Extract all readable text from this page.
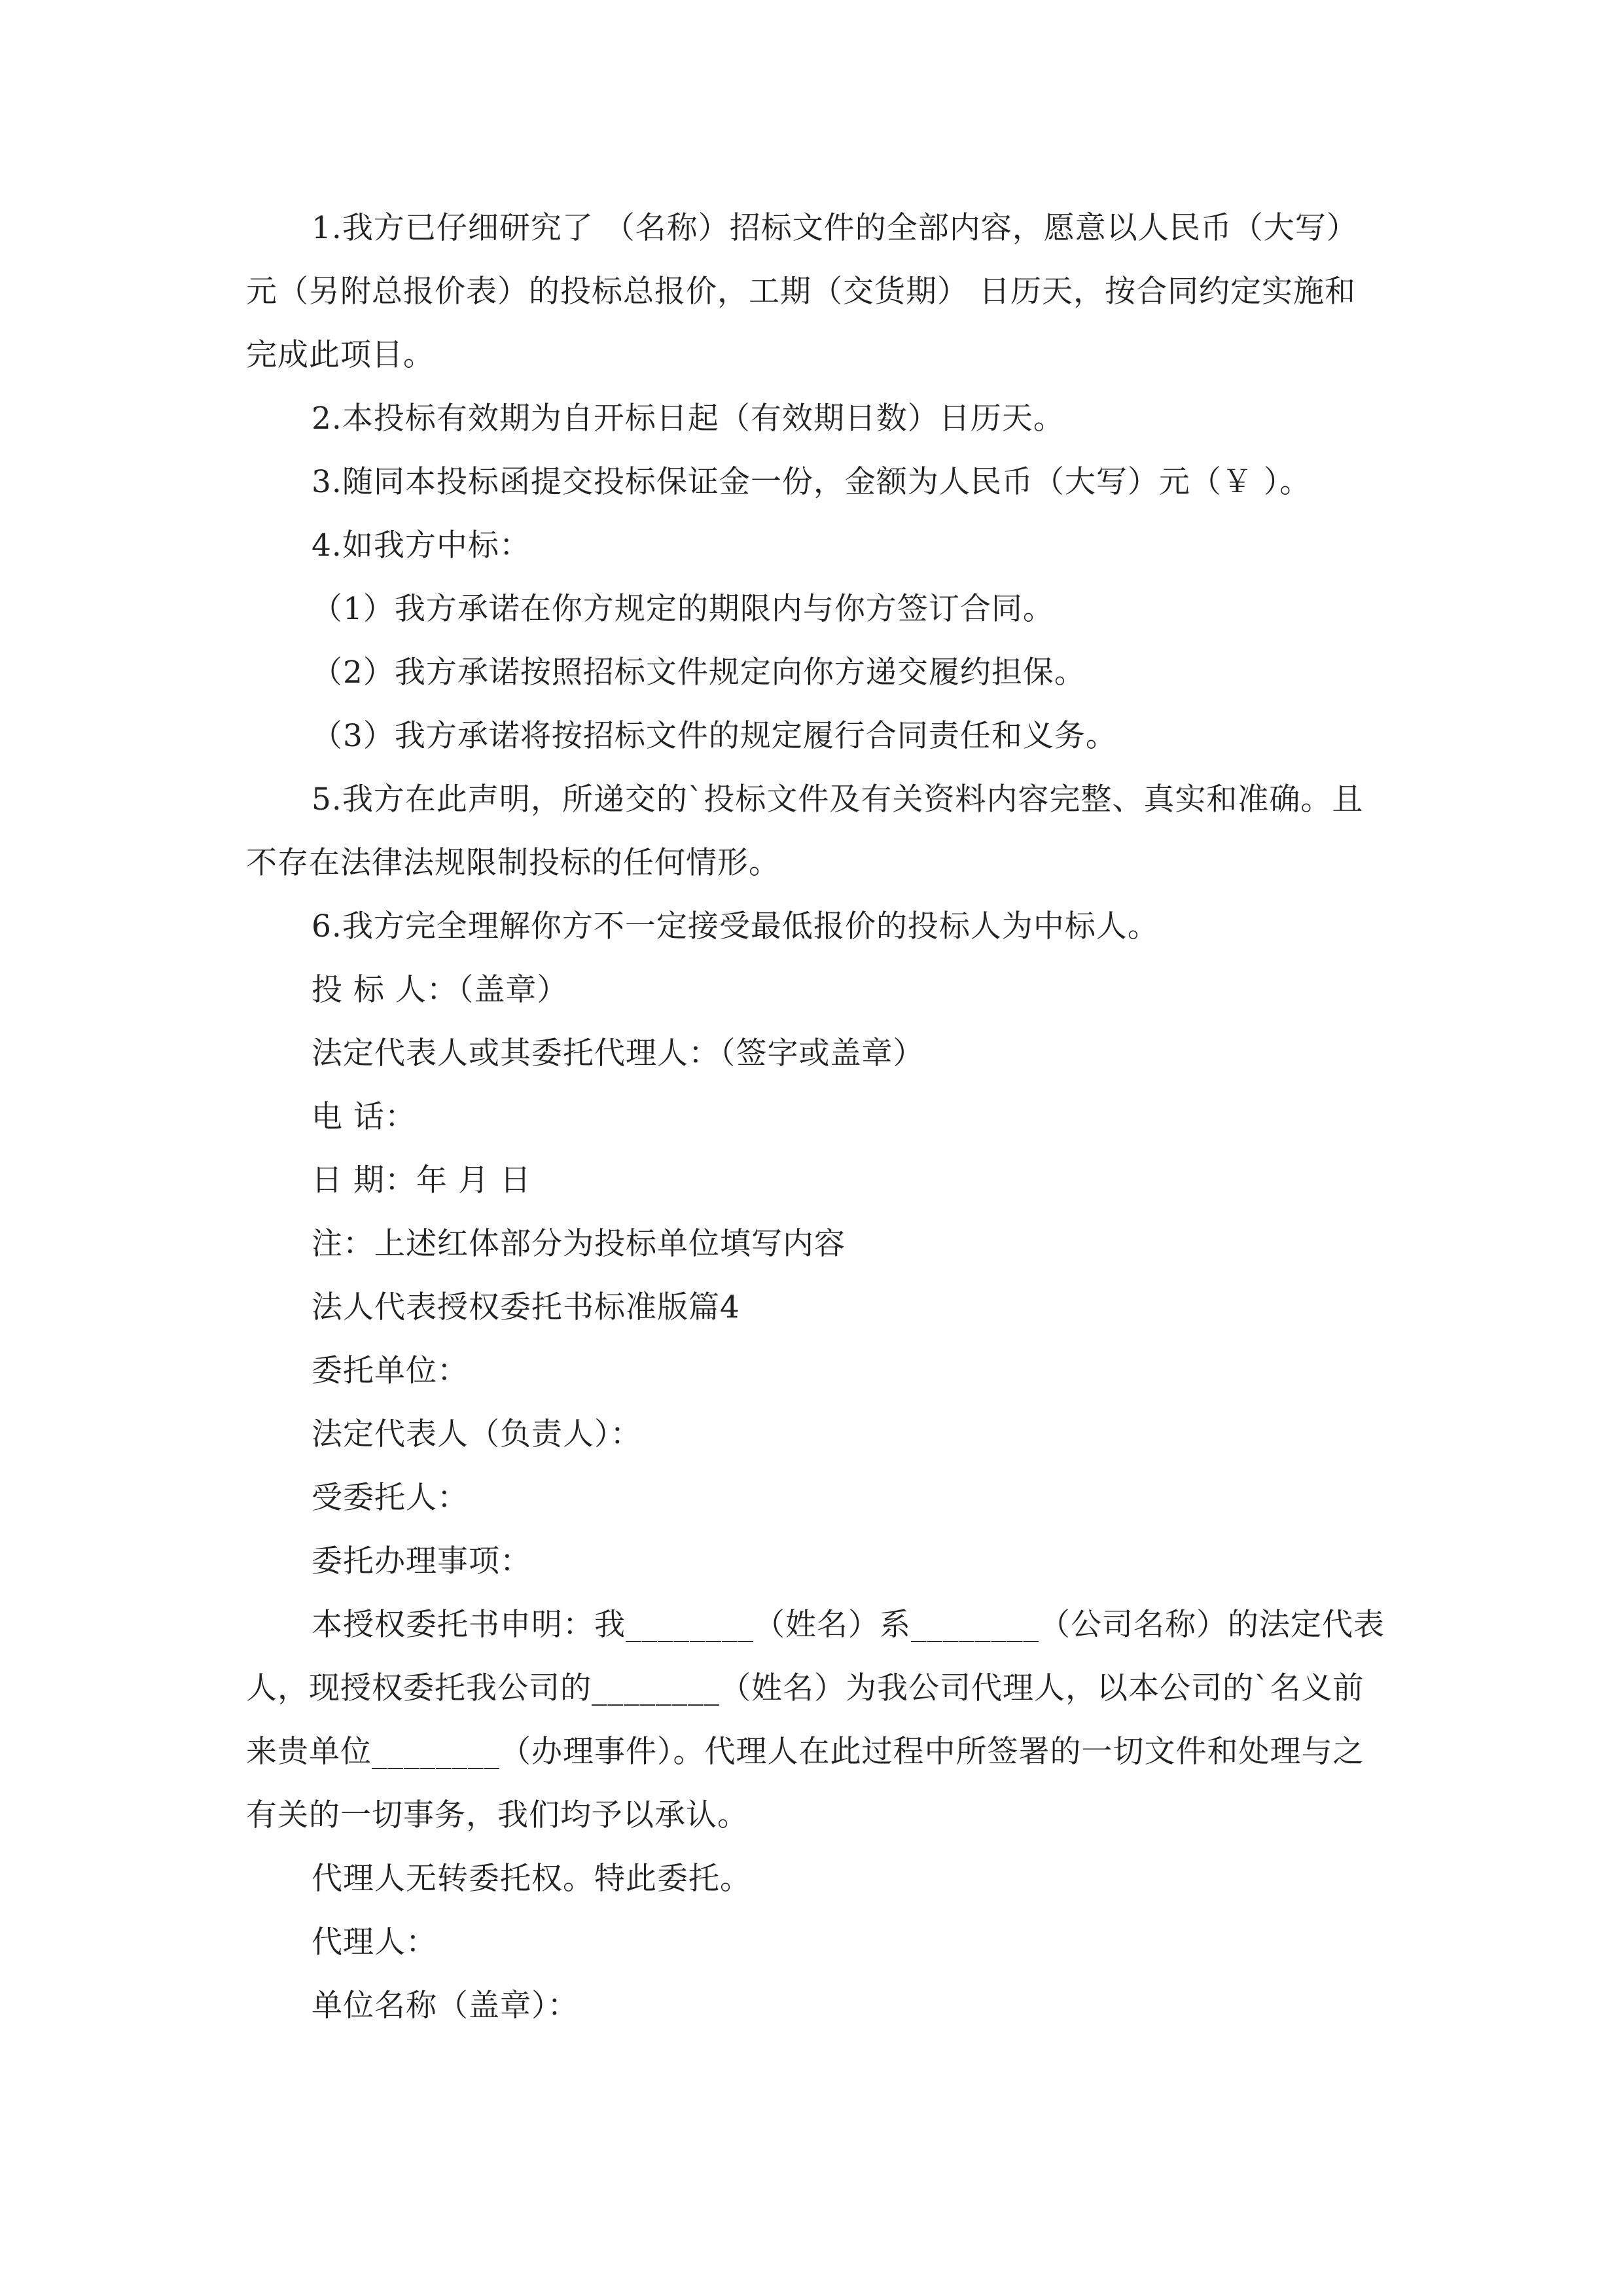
1.我方已仔细研究了 （名称）招标文件的全部内容，愿意以人民币（大写）元（另附总报价表）的投标总报价，工期（交货期） 日历天，按合同约定实施和完成此项目。

2.本投标有效期为自开标日起（有效期日数）日历天。

3.随同本投标函提交投标保证金一份，金额为人民币（大写）元（￥ ）。

4.如我方中标：

（1）我方承诺在你方规定的期限内与你方签订合同。

（2）我方承诺按照招标文件规定向你方递交履约担保。

（3）我方承诺将按招标文件的规定履行合同责任和义务。

5.我方在此声明，所递交的`投标文件及有关资料内容完整、真实和准确。且不存在法律法规限制投标的任何情形。

6.我方完全理解你方不一定接受最低报价的投标人为中标人。

投 标 人：（盖章）

法定代表人或其委托代理人：（签字或盖章）

电 话：

日 期：年 月 日

注：上述红体部分为投标单位填写内容

法人代表授权委托书标准版篇4

委托单位：

法定代表人（负责人）：

受委托人：

委托办理事项：

本授权委托书申明：我________（姓名）系________（公司名称）的法定代表人，现授权委托我公司的________（姓名）为我公司代理人，以本公司的`名义前来贵单位________（办理事件）。代理人在此过程中所签署的一切文件和处理与之有关的一切事务，我们均予以承认。

代理人无转委托权。特此委托。

代理人：

单位名称（盖章）：
